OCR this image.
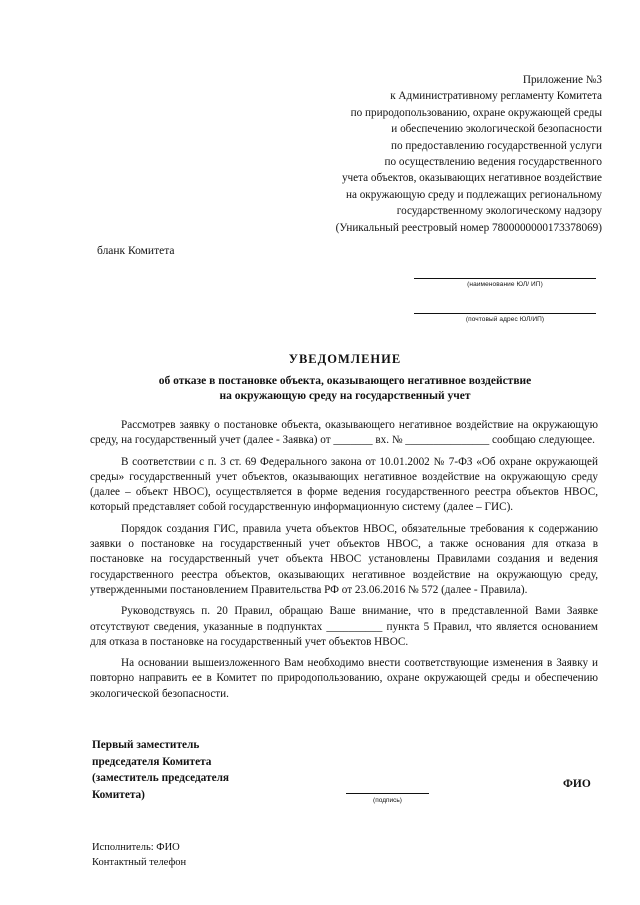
Приложение №3
к Административному регламенту Комитета
по природопользованию, охране окружающей среды
и обеспечению экологической безопасности
по предоставлению государственной услуги
по осуществлению ведения государственного
учета объектов, оказывающих негативное воздействие
на окружающую среду и подлежащих региональному
государственному экологическому надзору
(Уникальный реестровый номер 7800000000173378069)
бланк Комитета
(наименование ЮЛ/ ИП)
(почтовый адрес ЮЛ/ИП)
УВЕДОМЛЕНИЕ
об отказе в постановке объекта, оказывающего негативное воздействие
на окружающую среду на государственный учет

Рассмотрев заявку о постановке объекта, оказывающего негативное воздействие на окружающую среду, на государственный учет (далее - Заявка) от _______ вх. № _______________ сообщаю следующее.

В соответствии с п. 3 ст. 69 Федерального закона от 10.01.2002 № 7-ФЗ «Об охране окружающей среды» государственный учет объектов, оказывающих негативное воздействие на окружающую среду (далее – объект НВОС), осуществляется в форме ведения государственного реестра объектов НВОС, который представляет собой государственную информационную систему (далее – ГИС).

Порядок создания ГИС, правила учета объектов НВОС, обязательные требования к содержанию заявки о постановке на государственный учет объектов НВОС, а также основания для отказа в постановке на государственный учет объекта НВОС установлены Правилами создания и ведения государственного реестра объектов, оказывающих негативное воздействие на окружающую среду, утвержденными постановлением Правительства РФ от 23.06.2016 № 572 (далее - Правила).

Руководствуясь п. 20 Правил, обращаю Ваше внимание, что в представленной Вами Заявке отсутствуют сведения, указанные в подпунктах __________ пункта 5 Правил, что является основанием для отказа в постановке на государственный учет объектов НВОС.

На основании вышеизложенного Вам необходимо внести соответствующие изменения в Заявку и повторно направить ее в Комитет по природопользованию, охране окружающей среды и обеспечению экологической безопасности.

Первый заместитель
председателя Комитета
(заместитель председателя
Комитета)	(подпись)
ФИО
Исполнитель: ФИО
Контактный телефон
